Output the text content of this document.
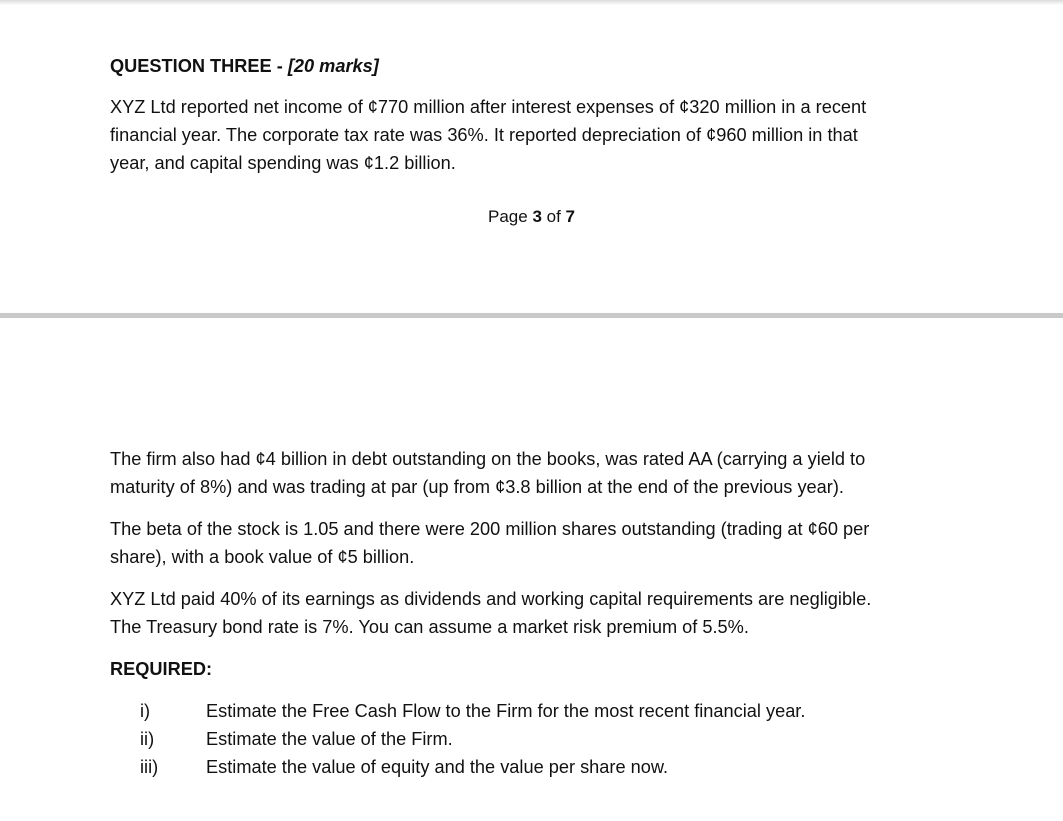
QUESTION THREE - [20 marks]
XYZ Ltd reported net income of ¢770 million after interest expenses of ¢320 million in a recent
financial year. The corporate tax rate was 36%. It reported depreciation of ¢960 million in that
year, and capital spending was ¢1.2 billion.
Page 3 of 7
The firm also had ¢4 billion in debt outstanding on the books, was rated AA (carrying a yield to
maturity of 8%) and was trading at par (up from ¢3.8 billion at the end of the previous year).
The beta of the stock is 1.05 and there were 200 million shares outstanding (trading at ¢60 per
share), with a book value of ¢5 billion.
XYZ Ltd paid 40% of its earnings as dividends and working capital requirements are negligible.
The Treasury bond rate is 7%. You can assume a market risk premium of 5.5%.
REQUIRED:
i)	Estimate the Free Cash Flow to the Firm for the most recent financial year.
ii)	Estimate the value of the Firm.
iii)	Estimate the value of equity and the value per share now.
